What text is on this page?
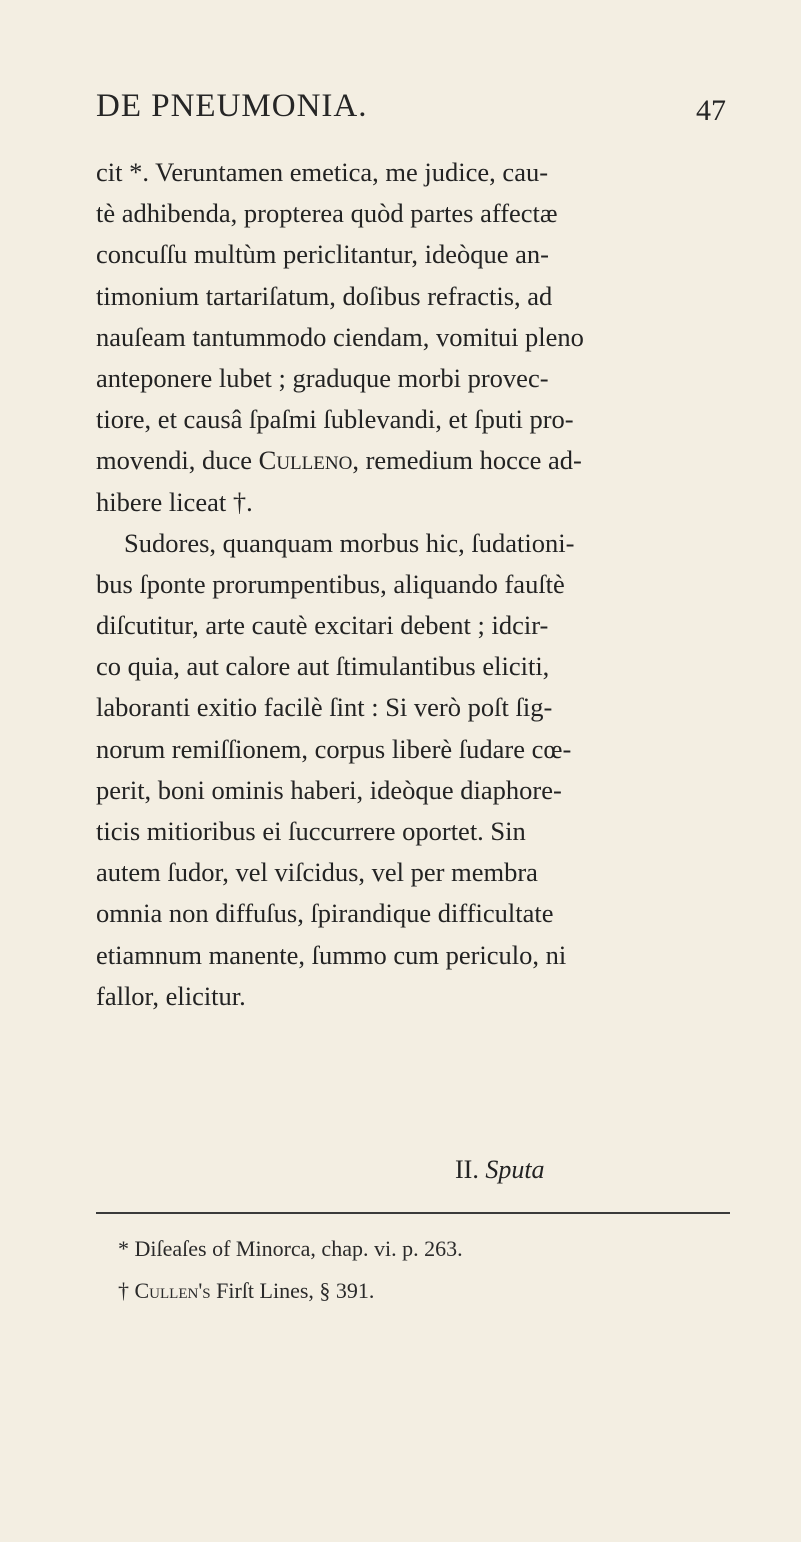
DE PNEUMONIA.	47
cit *. Veruntamen emetica, me judice, cau-
tè adhibenda, propterea quòd partes affectæ
concuſſu multùm periclitantur, ideòque an-
timonium tartariſatum, doſibus refractis, ad
nauſeam tantummodo ciendam, vomitui pleno
anteponere lubet ; graduque morbi provec-
tiore, et causâ ſpaſmi ſublevandi, et ſputi pro-
movendi, duce Culleno, remedium hocce ad-
hibere liceat †.
Sudores, quanquam morbus hic, ſudationi-
bus ſponte prorumpentibus, aliquando fauſtè
diſcutitur, arte cautè excitari debent ; idcir-
co quia, aut calore aut ſtimulantibus eliciti,
laboranti exitio facilè ſint : Si verò poſt ſig-
norum remiſſionem, corpus liberè ſudare cœ-
perit, boni ominis haberi, ideòque diaphore-
ticis mitioribus ei ſuccurrere oportet. Sin
autem ſudor, vel viſcidus, vel per membra
omnia non diffuſus, ſpirandique difficultate
etiamnum manente, ſummo cum periculo, ni
fallor, elicitur.
II. Sputa
* Diſeaſes of Minorca, chap. vi. p. 263.
† Cullen's Firſt Lines, § 391.
